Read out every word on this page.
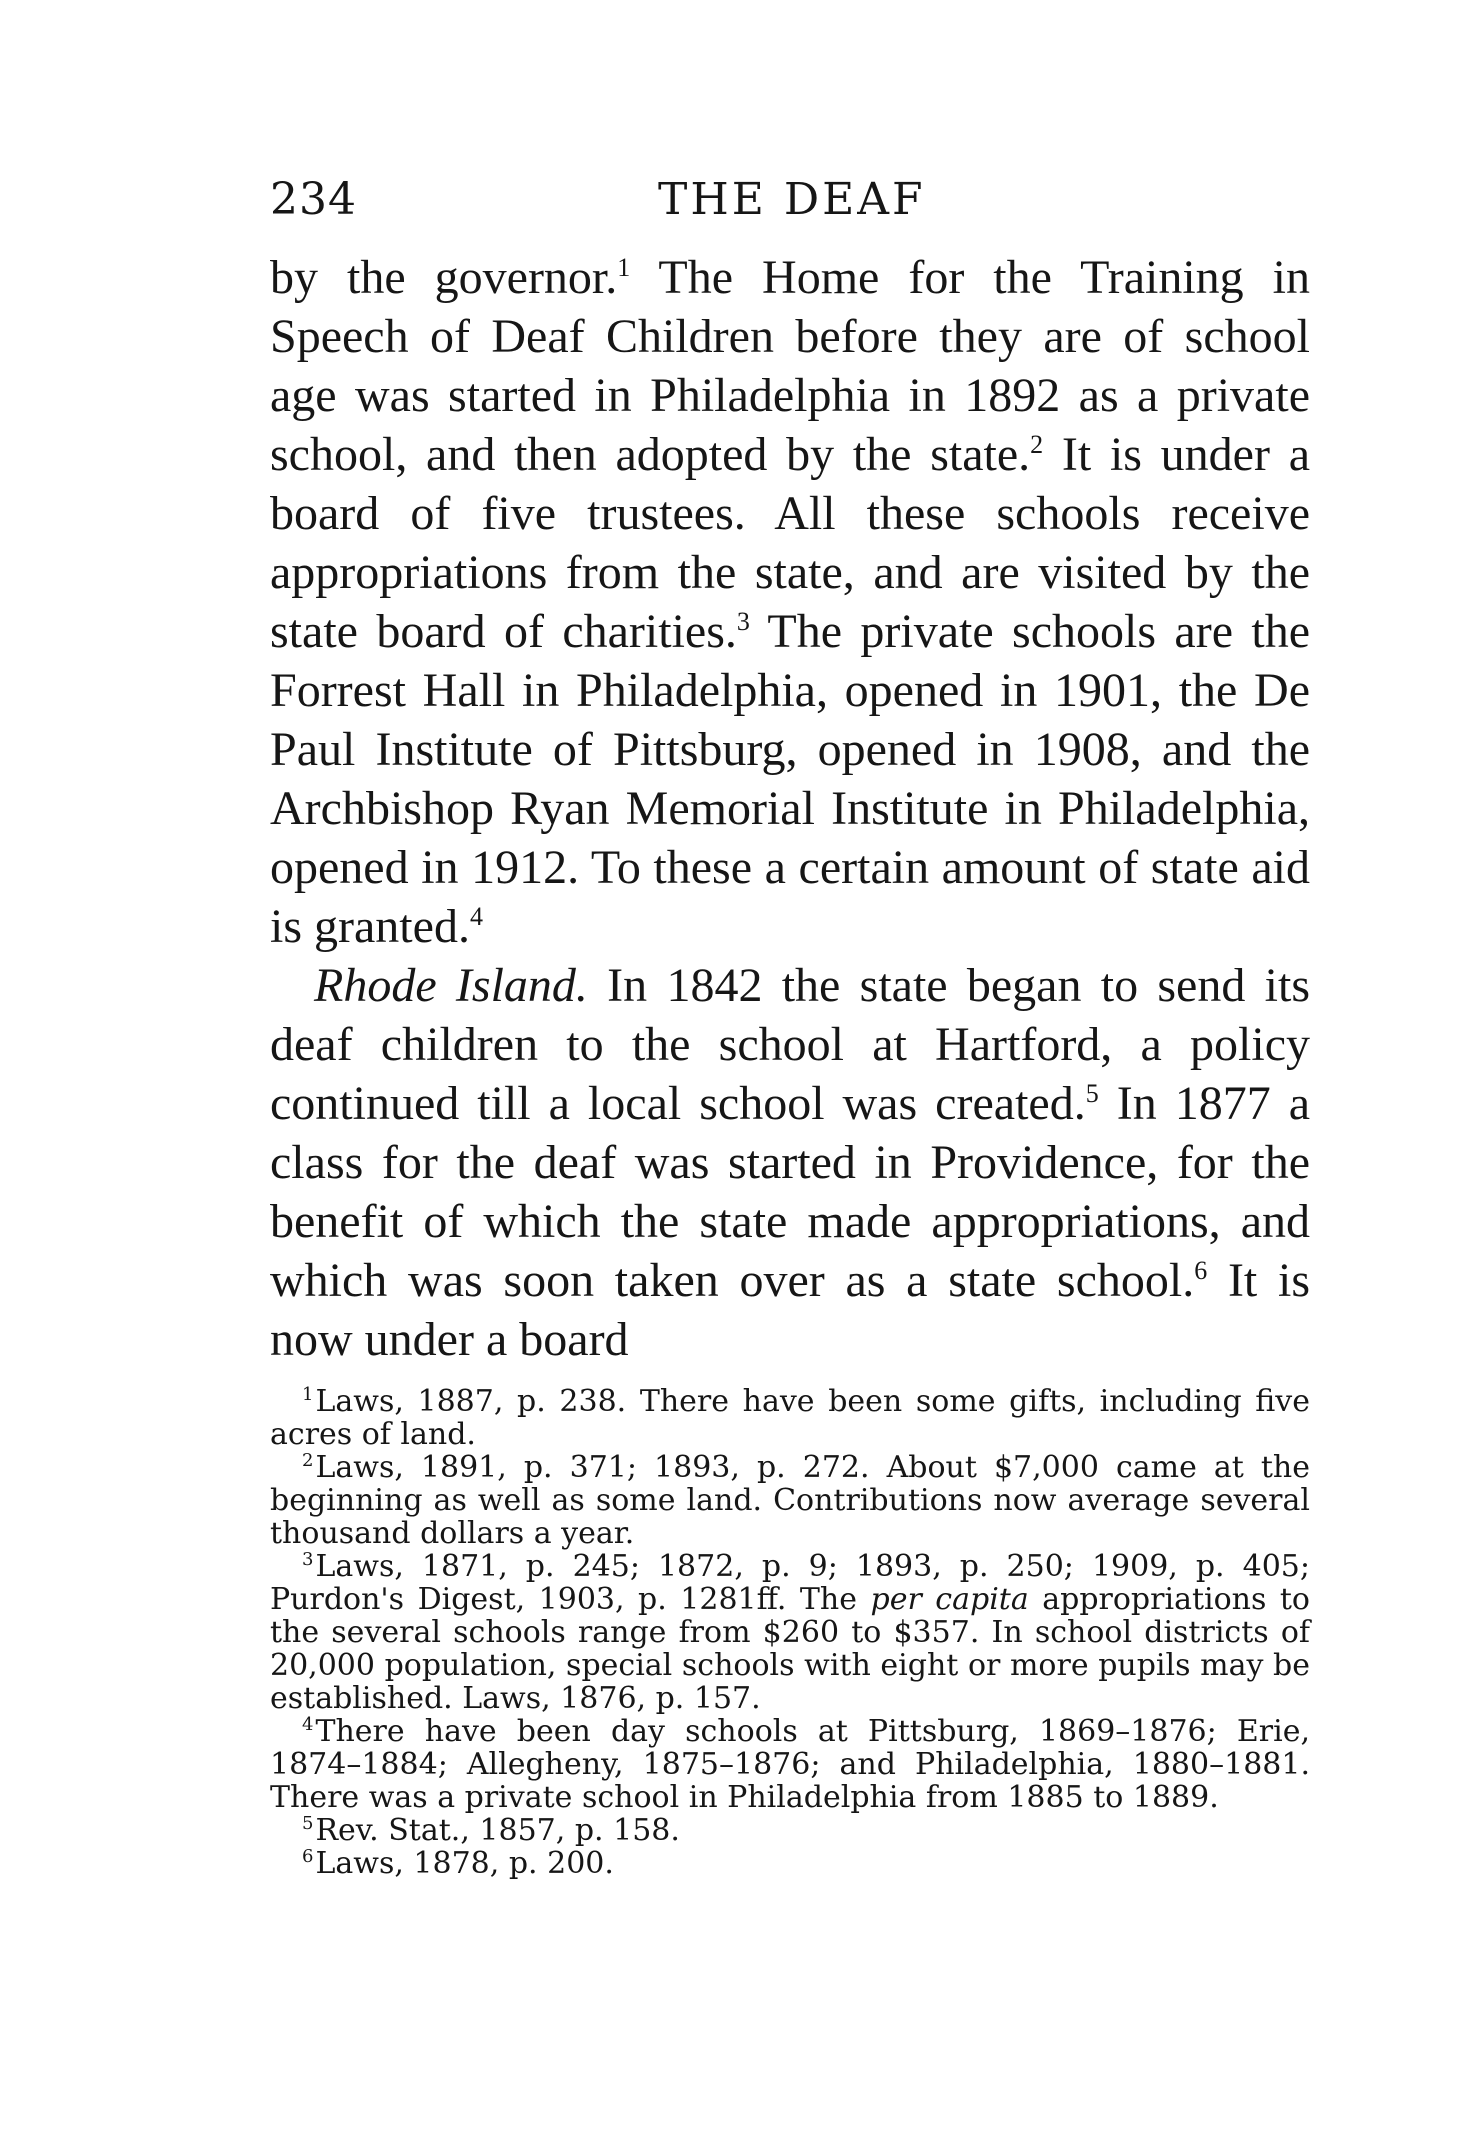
234	THE DEAF

by the governor.$^1$ The Home for the Training in Speech of Deaf Children before they are of school age was started in Philadelphia in 1892 as a private school, and then adopted by the state.$^2$ It is under a board of five trustees. All these schools receive appropriations from the state, and are visited by the state board of charities.$^3$ The private schools are the Forrest Hall in Philadelphia, opened in 1901, the De Paul Institute of Pittsburg, opened in 1908, and the Archbishop Ryan Memorial Institute in Philadelphia, opened in 1912. To these a certain amount of state aid is granted.$^4$

Rhode Island. In 1842 the state began to send its deaf children to the school at Hartford, a policy continued till a local school was created.$^5$ In 1877 a class for the deaf was started in Providence, for the benefit of which the state made appropriations, and which was soon taken over as a state school.$^6$ It is now under a board

$^1$Laws, 1887, p. 238. There have been some gifts, including five acres of land.

$^2$Laws, 1891, p. 371; 1893, p. 272. About $7,000 came at the beginning as well as some land. Contributions now average several thousand dollars a year.

$^3$Laws, 1871, p. 245; 1872, p. 9; 1893, p. 250; 1909, p. 405; Purdon's Digest, 1903, p. 1281ff. The per capita appropriations to the several schools range from $260 to $357. In school districts of 20,000 population, special schools with eight or more pupils may be established. Laws, 1876, p. 157.

$^4$There have been day schools at Pittsburg, 1869–1876; Erie, 1874–1884; Allegheny, 1875–1876; and Philadelphia, 1880–1881. There was a private school in Philadelphia from 1885 to 1889.

$^5$Rev. Stat., 1857, p. 158.

$^6$Laws, 1878, p. 200.
